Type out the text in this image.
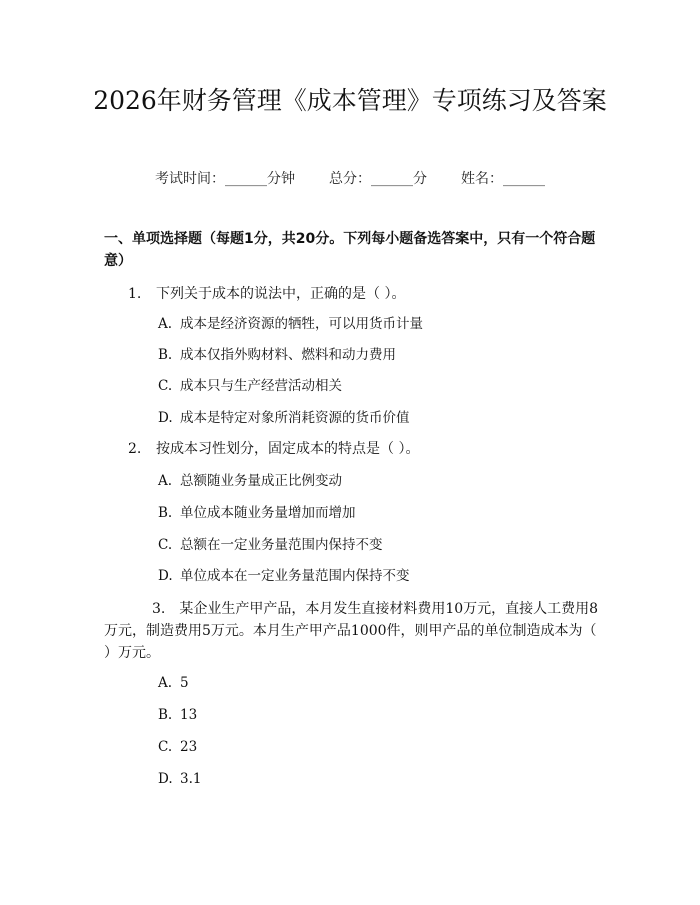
2026年财务管理《成本管理》专项练习及答案
考试时间：______分钟 总分：______分 姓名：______
一、单项选择题（每题1分，共20分。下列每小题备选答案中，只有一个符合题意）
1. 下列关于成本的说法中，正确的是（ ）。
A. 成本是经济资源的牺牲，可以用货币计量
B. 成本仅指外购材料、燃料和动力费用
C. 成本只与生产经营活动相关
D. 成本是特定对象所消耗资源的货币价值
2. 按成本习性划分，固定成本的特点是（ ）。
A. 总额随业务量成正比例变动
B. 单位成本随业务量增加而增加
C. 总额在一定业务量范围内保持不变
D. 单位成本在一定业务量范围内保持不变
3. 某企业生产甲产品，本月发生直接材料费用10万元，直接人工费用8万元，制造费用5万元。本月生产甲产品1000件，则甲产品的单位制造成本为（ ）万元。
A. 5
B. 13
C. 23
D. 3.1
